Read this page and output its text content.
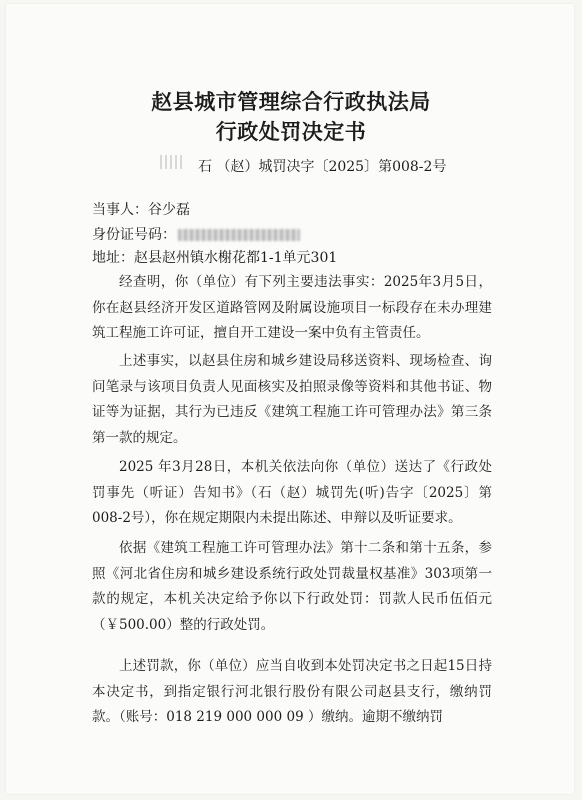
赵县城市管理综合行政执法局
行政处罚决定书
石 （赵）城罚决字〔2025〕第008-2号
当事人：谷少磊
身份证号码：
地址：赵县赵州镇水榭花都1-1单元301

经查明，你（单位）有下列主要违法事实：2025年3月5日，你在赵县经济开发区道路管网及附属设施项目一标段存在未办理建筑工程施工许可证，擅自开工建设一案中负有主管责任。

上述事实，以赵县住房和城乡建设局移送资料、现场检查、询问笔录与该项目负责人见面核实及拍照录像等资料和其他书证、物证等为证据，其行为已违反《建筑工程施工许可管理办法》第三条第一款的规定。

2025 年3月28日，本机关依法向你（单位）送达了《行政处罚事先（听证）告知书》（石（赵）城罚先(听)告字〔2025〕第008-2号），你在规定期限内未提出陈述、申辩以及听证要求。

依据《建筑工程施工许可管理办法》第十二条和第十五条，参照《河北省住房和城乡建设系统行政处罚裁量权基准》303项第一款的规定，本机关决定给予你以下行政处罚：罚款人民币伍佰元（￥500.00）整的行政处罚。

上述罚款，你（单位）应当自收到本处罚决定书之日起15日持本决定书，到指定银行河北银行股份有限公司赵县支行，缴纳罚款。（账号：018 219 000 000 09 ）缴纳。逾期不缴纳罚
